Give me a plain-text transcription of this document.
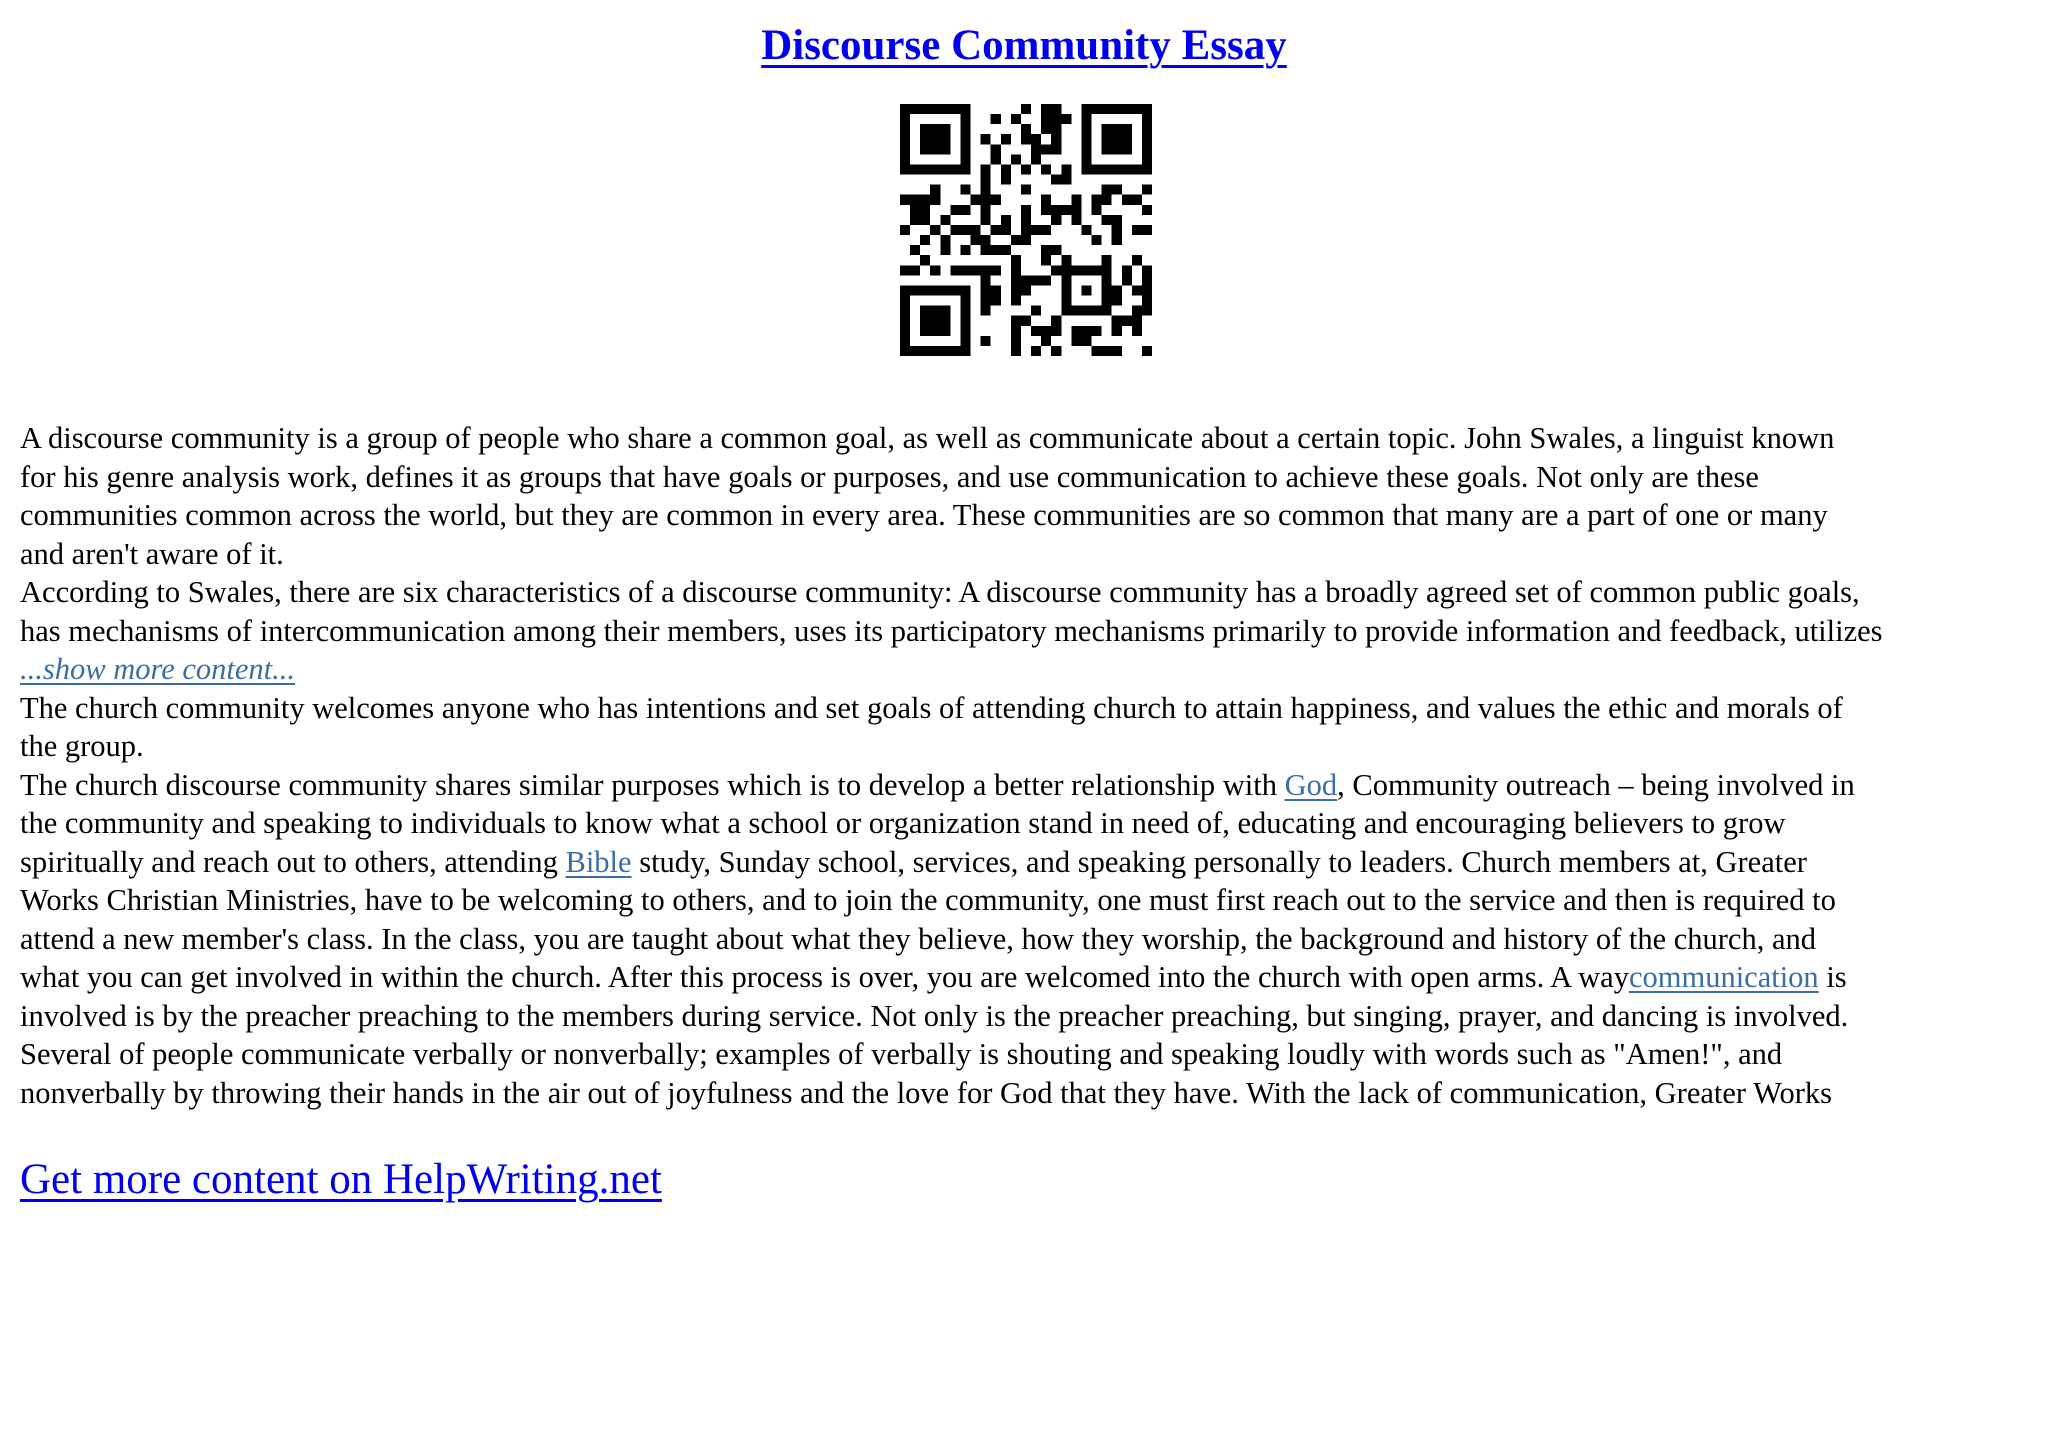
Discourse Community Essay

A discourse community is a group of people who share a common goal, as well as communicate about a certain topic. John Swales, a linguist known

for his genre analysis work, defines it as groups that have goals or purposes, and use communication to achieve these goals. Not only are these

communities common across the world, but they are common in every area. These communities are so common that many are a part of one or many

and aren't aware of it.

According to Swales, there are six characteristics of a discourse community: A discourse community has a broadly agreed set of common public goals,

has mechanisms of intercommunication among their members, uses its participatory mechanisms primarily to provide information and feedback, utilizes

...show more content...

The church community welcomes anyone who has intentions and set goals of attending church to attain happiness, and values the ethic and morals of

the group.

The church discourse community shares similar purposes which is to develop a better relationship with God, Community outreach – being involved in

the community and speaking to individuals to know what a school or organization stand in need of, educating and encouraging believers to grow

spiritually and reach out to others, attending Bible study, Sunday school, services, and speaking personally to leaders. Church members at, Greater

Works Christian Ministries, have to be welcoming to others, and to join the community, one must first reach out to the service and then is required to

attend a new member's class. In the class, you are taught about what they believe, how they worship, the background and history of the church, and

what you can get involved in within the church. After this process is over, you are welcomed into the church with open arms. A waycommunication is

involved is by the preacher preaching to the members during service. Not only is the preacher preaching, but singing, prayer, and dancing is involved.

Several of people communicate verbally or nonverbally; examples of verbally is shouting and speaking loudly with words such as "Amen!", and

nonverbally by throwing their hands in the air out of joyfulness and the love for God that they have. With the lack of communication, Greater Works

Get more content on HelpWriting.net
